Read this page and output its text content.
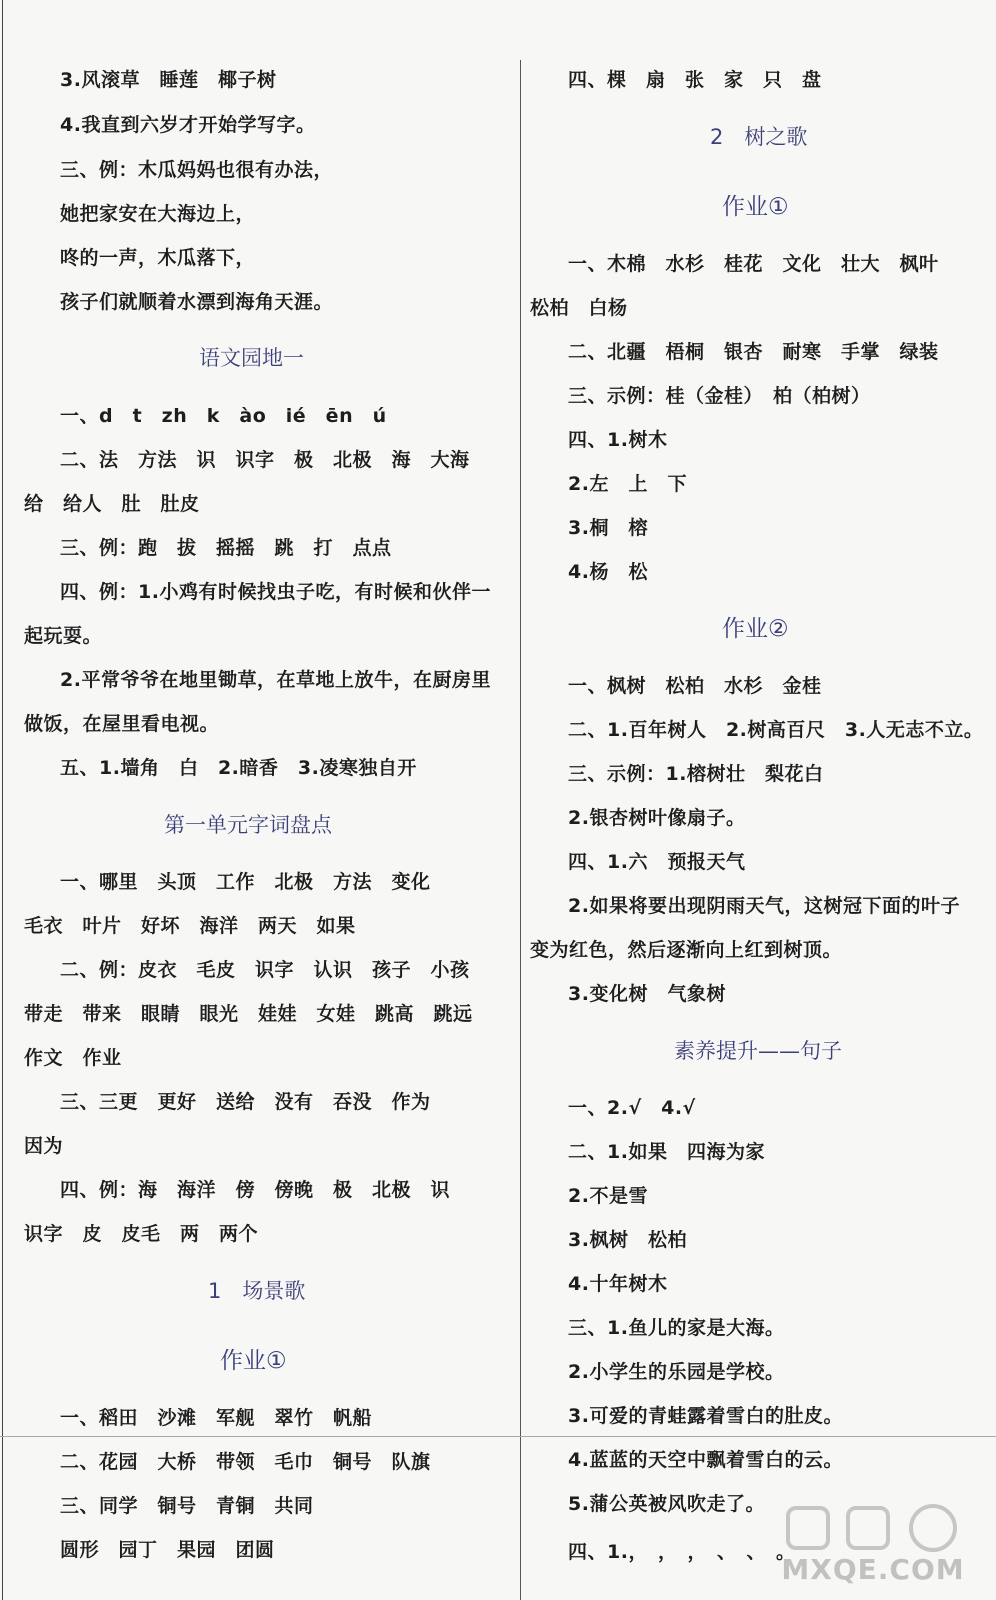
3.风滚草　睡莲　椰子树
4.我直到六岁才开始学写字。
三、例：木瓜妈妈也很有办法，
她把家安在大海边上，
咚的一声，木瓜落下，
孩子们就顺着水漂到海角天涯。
语文园地一
一、d　t　zh　k　ào　ié　ēn　ú
二、法　方法　识　识字　极　北极　海　大海
给　给人　肚　肚皮
三、例：跑　拔　摇摇　跳　打　点点
四、例：1.小鸡有时候找虫子吃，有时候和伙伴一
起玩耍。
2.平常爷爷在地里锄草，在草地上放牛，在厨房里
做饭，在屋里看电视。
五、1.墙角　白　2.暗香　3.凌寒独自开
第一单元字词盘点
一、哪里　头顶　工作　北极　方法　变化
毛衣　叶片　好坏　海洋　两天　如果
二、例：皮衣　毛皮　识字　认识　孩子　小孩
带走　带来　眼睛　眼光　娃娃　女娃　跳高　跳远
作文　作业
三、三更　更好　送给　没有　吞没　作为
因为
四、例：海　海洋　傍　傍晚　极　北极　识
识字　皮　皮毛　两　两个
1　场景歌
作业①
一、稻田　沙滩　军舰　翠竹　帆船
二、花园　大桥　带领　毛巾　铜号　队旗
三、同学　铜号　青铜　共同
圆形　园丁　果园　团圆
四、棵　扇　张　家　只　盘
2　树之歌
作业①
一、木棉　水杉　桂花　文化　壮大　枫叶
松柏　白杨
二、北疆　梧桐　银杏　耐寒　手掌　绿装
三、示例：桂（金桂）　柏（柏树）
四、1.树木
2.左　上　下
3.桐　榕
4.杨　松
作业②
一、枫树　松柏　水杉　金桂
二、1.百年树人　2.树高百尺　3.人无志不立。
三、示例：1.榕树壮　梨花白
2.银杏树叶像扇子。
四、1.六　预报天气
2.如果将要出现阴雨天气，这树冠下面的叶子
变为红色，然后逐渐向上红到树顶。
3.变化树　气象树
素养提升——句子
一、2.√　4.√
二、1.如果　四海为家
2.不是雪
3.枫树　松柏
4.十年树木
三、1.鱼儿的家是大海。
2.小学生的乐园是学校。
3.可爱的青蛙露着雪白的肚皮。
4.蓝蓝的天空中飘着雪白的云。
5.蒲公英被风吹走了。
四、1.，　，　，　、　、　。
MXQE.COM
